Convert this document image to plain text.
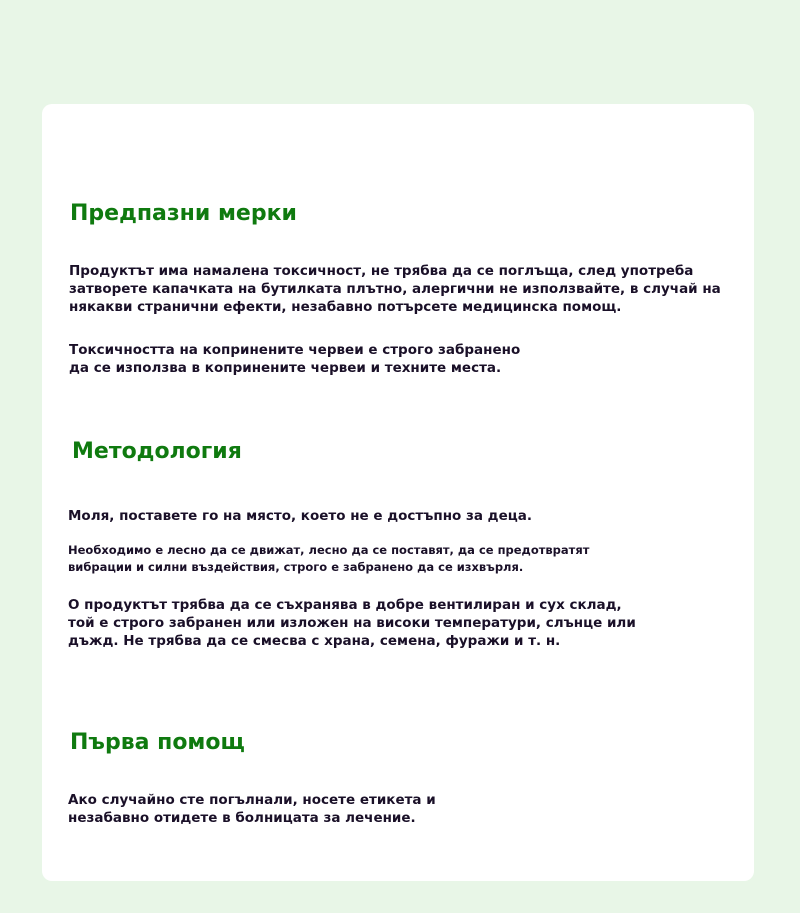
Предпазни мерки

Продуктът има намалена токсичност, не трябва да се поглъща, след употреба
затворете капачката на бутилката плътно, алергични не използвайте, в случай на
някакви странични ефекти, незабавно потърсете медицинска помощ.

Токсичността на копринените червеи е строго забранено
да се използва в копринените червеи и техните места.

Методология

Моля, поставете го на място, което не е достъпно за деца.

Необходимо е лесно да се движат, лесно да се поставят, да се предотвратят
вибрации и силни въздействия, строго е забранено да се изхвърля.

О продуктът трябва да се съхранява в добре вентилиран и сух склад,
той е строго забранен или изложен на високи температури, слънце или
дъжд. Не трябва да се смесва с храна, семена, фуражи и т. н.

Първа помощ

Ако случайно сте погълнали, носете етикета и
незабавно отидете в болницата за лечение.
